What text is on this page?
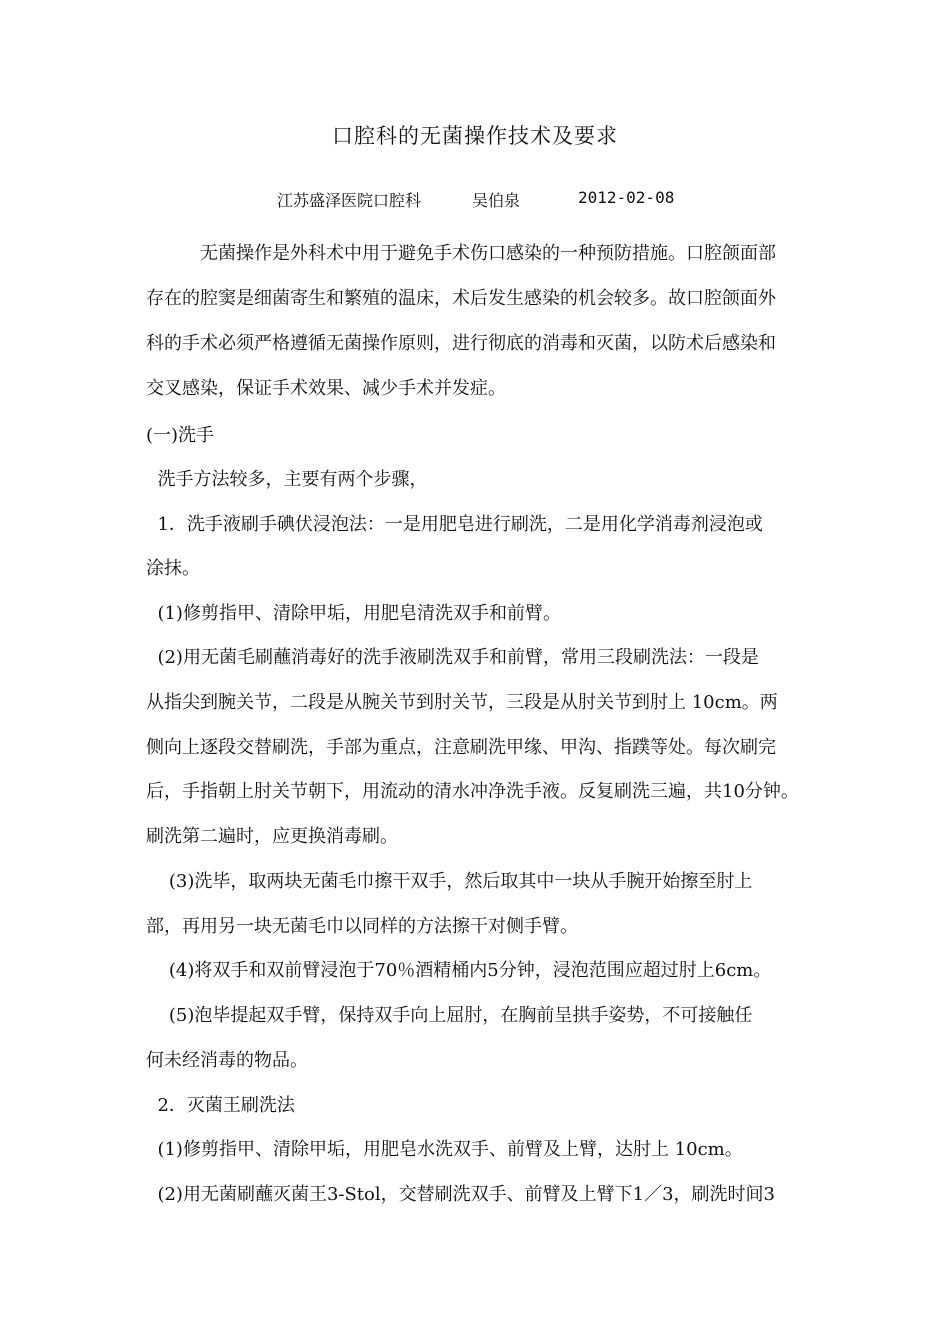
口腔科的无菌操作技术及要求
江苏盛泽医院口腔科	吴伯泉	2012-02-08
　　　无菌操作是外科术中用于避免手术伤口感染的一种预防措施。口腔颌面部
存在的腔窦是细菌寄生和繁殖的温床，术后发生感染的机会较多。故口腔颌面外
科的手术必须严格遵循无菌操作原则，进行彻底的消毒和灭菌，以防术后感染和
交叉感染，保证手术效果、减少手术并发症。
(一)洗手
洗手方法较多，主要有两个步骤，
1．洗手液刷手碘伏浸泡法：一是用肥皂进行刷洗，二是用化学消毒剂浸泡或
涂抹。
(1)修剪指甲、清除甲垢，用肥皂清洗双手和前臂。
(2)用无菌毛刷蘸消毒好的洗手液刷洗双手和前臂，常用三段刷洗法：一段是
从指尖到腕关节，二段是从腕关节到肘关节，三段是从肘关节到肘上 10cm。两
侧向上逐段交替刷洗，手部为重点，注意刷洗甲缘、甲沟、指蹼等处。每次刷完
后，手指朝上肘关节朝下，用流动的清水冲净洗手液。反复刷洗三遍，共10分钟。
刷洗第二遍时，应更换消毒刷。
(3)洗毕，取两块无菌毛巾擦干双手，然后取其中一块从手腕开始擦至肘上
部，再用另一块无菌毛巾以同样的方法擦干对侧手臂。
(4)将双手和双前臂浸泡于70％酒精桶内5分钟，浸泡范围应超过肘上6cm。
(5)泡毕提起双手臂，保持双手向上屈肘，在胸前呈拱手姿势，不可接触任
何未经消毒的物品。
2．灭菌王刷洗法
(1)修剪指甲、清除甲垢，用肥皂水洗双手、前臂及上臂，达肘上 10cm。
(2)用无菌刷蘸灭菌王3-Stol，交替刷洗双手、前臂及上臂下1／3，刷洗时间3
